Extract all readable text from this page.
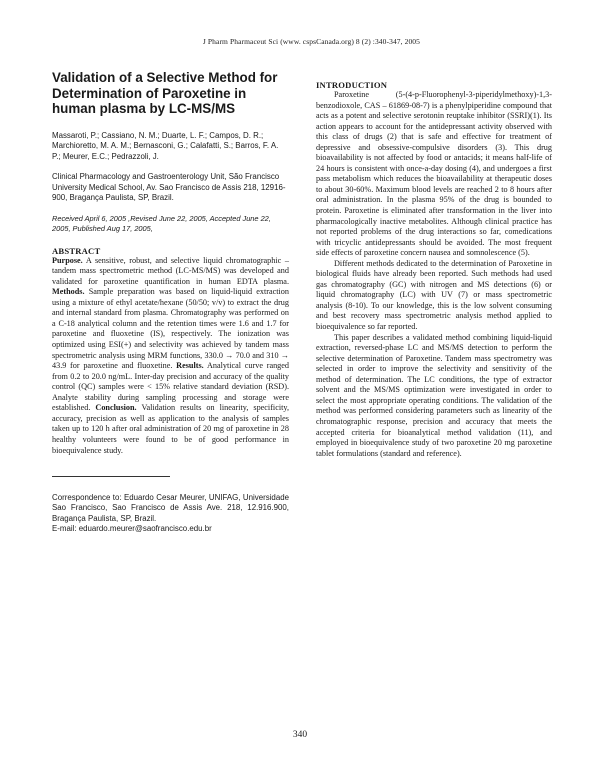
J Pharm Pharmaceut Sci (www. cspsCanada.org) 8 (2) :340-347, 2005
Validation of a Selective Method for Determination of Paroxetine in human plasma by LC-MS/MS

Massaroti, P.; Cassiano, N. M.; Duarte, L. F.; Campos, D. R.; Marchioretto, M. A. M.; Bernasconi, G.; Calafatti, S.; Barros, F. A. P.; Meurer, E.C.; Pedrazzoli, J.

Clinical Pharmacology and Gastroenterology Unit, São Francisco University Medical School, Av. Sao Francisco de Assis 218, 12916-900, Bragança Paulista, SP, Brazil.

Received April 6, 2005 ,Revised June 22, 2005, Accepted June 22, 2005, Published Aug 17, 2005,

ABSTRACT

Purpose. A sensitive, robust, and selective liquid chromatographic – tandem mass spectrometric method (LC-MS/MS) was developed and validated for paroxetine quantification in human EDTA plasma. Methods. Sample preparation was based on liquid-liquid extraction using a mixture of ethyl acetate/hexane (50/50; v/v) to extract the drug and internal standard from plasma. Chromatography was performed on a C-18 analytical column and the retention times were 1.6 and 1.7 for paroxetine and fluoxetine (IS), respectively. The ionization was optimized using ESI(+) and selectivity was achieved by tandem mass spectrometric analysis using MRM functions, 330.0 → 70.0 and 310 → 43.9 for paroxetine and fluoxetine. Results. Analytical curve ranged from 0.2 to 20.0 ng/mL. Inter-day precision and accuracy of the quality control (QC) samples were < 15% relative standard deviation (RSD). Analyte stability during sampling processing and storage were established. Conclusion. Validation results on linearity, specificity, accuracy, precision as well as application to the analysis of samples taken up to 120 h after oral administration of 20 mg of paroxetine in 28 healthy volunteers were found to be of good performance in bioequivalence study.

Correspondence to: Eduardo Cesar Meurer, UNIFAG, Universidade Sao Francisco, Sao Francisco de Assis Ave. 218, 12.916.900, Bragança Paulista, SP, Brazil.

E-mail: eduardo.meurer@saofrancisco.edu.br

INTRODUCTION

Paroxetine (5-(4-p-Fluorophenyl-3-piperidylmethoxy)-1,3-benzodioxole, CAS – 61869-08-7) is a phenylpiperidine compound that acts as a potent and selective serotonin reuptake inhibitor (SSRI)(1). Its action appears to account for the antidepressant activity observed with this class of drugs (2) that is safe and effective for treatment of depressive and obsessive-compulsive disorders (3). This drug bioavailability is not affected by food or antacids; it means half-life of 24 hours is consistent with once-a-day dosing (4), and undergoes a first pass metabolism which reduces the bioavailability at therapeutic doses to about 30-60%. Maximum blood levels are reached 2 to 8 hours after oral administration. In the plasma 95% of the drug is bounded to protein. Paroxetine is eliminated after transformation in the liver into pharmacologically inactive metabolites. Although clinical practice has not reported problems of the drug interactions so far, comedications with tricyclic antidepressants should be avoided. The most frequent side effects of paroxetine concern nausea and somnolescence (5).

Different methods dedicated to the determination of Paroxetine in biological fluids have already been reported. Such methods had used gas chromatography (GC) with nitrogen and MS detections (6) or liquid chromatography (LC) with UV (7) or mass spectrometric analysis (8-10). To our knowledge, this is the low solvent consuming and best recovery mass spectrometric analysis method applied to bioequivalence so far reported.

This paper describes a validated method combining liquid-liquid extraction, reversed-phase LC and MS/MS detection to perform the selective determination of Paroxetine. Tandem mass spectrometry was selected in order to improve the selectivity and sensitivity of the method of determination. The LC conditions, the type of extractor solvent and the MS/MS optimization were investigated in order to select the most appropriate operating conditions. The validation of the method was performed considering parameters such as linearity of the chromatographic response, precision and accuracy that meets the accepted criteria for bioanalytical method validation (11), and employed in bioequivalence study of two paroxetine 20 mg paroxetine tablet formulations (standard and reference).

340
